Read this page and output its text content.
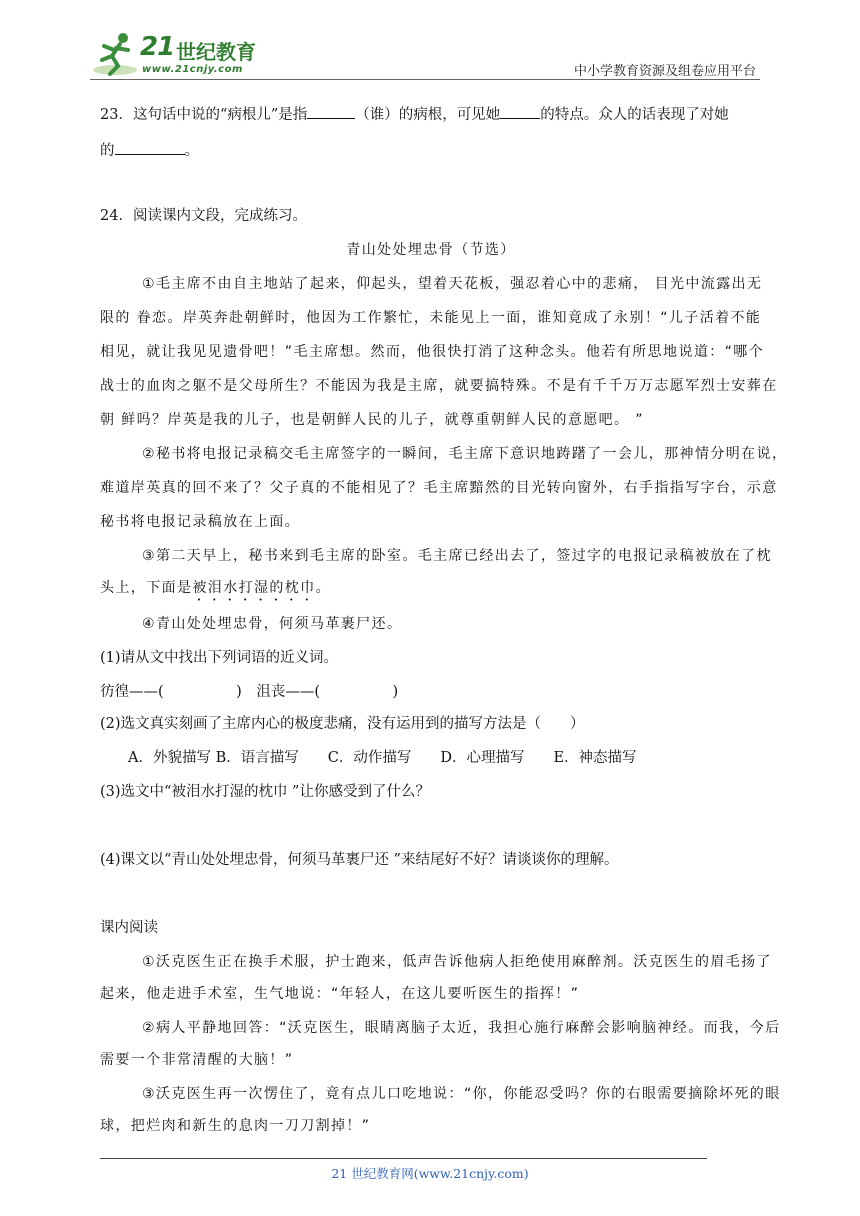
21 世纪教育
www.21cnjy.com	中小学教育资源及组卷应用平台
23．这句话中说的“病根儿”是指	（谁）的病根，可见她	的特点。众人的话表现了对她
的	。
24．阅读课内文段，完成练习。
青山处处埋忠骨（节选）
①毛主席不由自主地站了起来，仰起头，望着天花板，强忍着心中的悲痛， 目光中流露出无
限的 眷恋。岸英奔赴朝鲜时，他因为工作繁忙，未能见上一面，谁知竟成了永别！“儿子活着不能
相见，就让我见见遗骨吧！”毛主席想。然而，他很快打消了这种念头。他若有所思地说道：“哪个
战士的血肉之躯不是父母所生？不能因为我是主席，就要搞特殊。不是有千千万万志愿军烈士安葬在
朝 鲜吗？岸英是我的儿子，也是朝鲜人民的儿子，就尊重朝鲜人民的意愿吧。 ”
②秘书将电报记录稿交毛主席签字的一瞬间，毛主席下意识地踌躇了一会儿，那神情分明在说，
难道岸英真的回不来了？父子真的不能相见了？毛主席黯然的目光转向窗外，右手指指写字台，示意
秘书将电报记录稿放在上面。
③第二天早上，秘书来到毛主席的卧室。毛主席已经出去了，签过字的电报记录稿被放在了枕
头上，下面是被泪水打湿的枕巾。
④青山处处埋忠骨，何须马革裹尸还。
(1)请从文中找出下列词语的近义词。
彷徨——(　　　　　)　沮丧——(　　　　　)
(2)选文真实刻画了主席内心的极度悲痛，没有运用到的描写方法是（　　）
A．外貌描写 B．语言描写　　C．动作描写　　D．心理描写　　E．神态描写
(3)选文中“被泪水打湿的枕巾 ”让你感受到了什么？
(4)课文以“青山处处埋忠骨，何须马革裹尸还 ”来结尾好不好？请谈谈你的理解。
课内阅读
①沃克医生正在换手术服，护士跑来，低声告诉他病人拒绝使用麻醉剂。沃克医生的眉毛扬了
起来，他走进手术室，生气地说：“年轻人，在这儿要听医生的指挥！”
②病人平静地回答：“沃克医生，眼睛离脑子太近，我担心施行麻醉会影响脑神经。而我，今后
需要一个非常清醒的大脑！”
③沃克医生再一次愣住了，竟有点儿口吃地说：“你，你能忍受吗？你的右眼需要摘除坏死的眼
球，把烂肉和新生的息肉一刀刀割掉！”
21 世纪教育网(www.21cnjy.com)
